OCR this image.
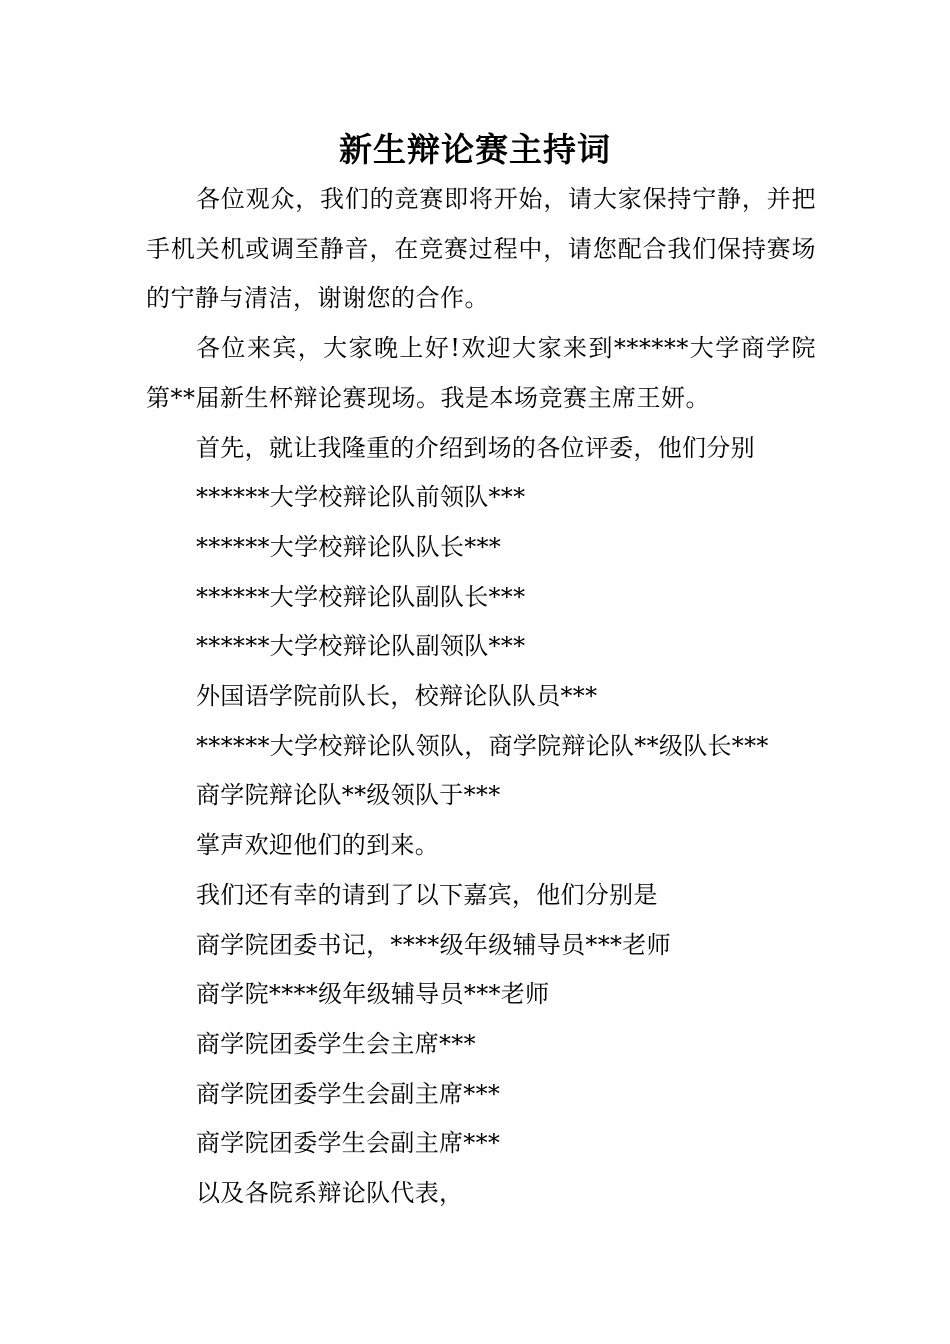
新生辩论赛主持词

各位观众，我们的竞赛即将开始，请大家保持宁静，并把手机关机或调至静音，在竞赛过程中，请您配合我们保持赛场的宁静与清洁，谢谢您的合作。

各位来宾，大家晚上好!欢迎大家来到******大学商学院第**届新生杯辩论赛现场。我是本场竞赛主席王妍。

首先，就让我隆重的介绍到场的各位评委，他们分别

******大学校辩论队前领队***

******大学校辩论队队长***

******大学校辩论队副队长***

******大学校辩论队副领队***

外国语学院前队长，校辩论队队员***

******大学校辩论队领队，商学院辩论队**级队长***

商学院辩论队**级领队于***

掌声欢迎他们的到来。

我们还有幸的请到了以下嘉宾，他们分别是

商学院团委书记，****级年级辅导员***老师

商学院****级年级辅导员***老师

商学院团委学生会主席***

商学院团委学生会副主席***

商学院团委学生会副主席***

以及各院系辩论队代表，
